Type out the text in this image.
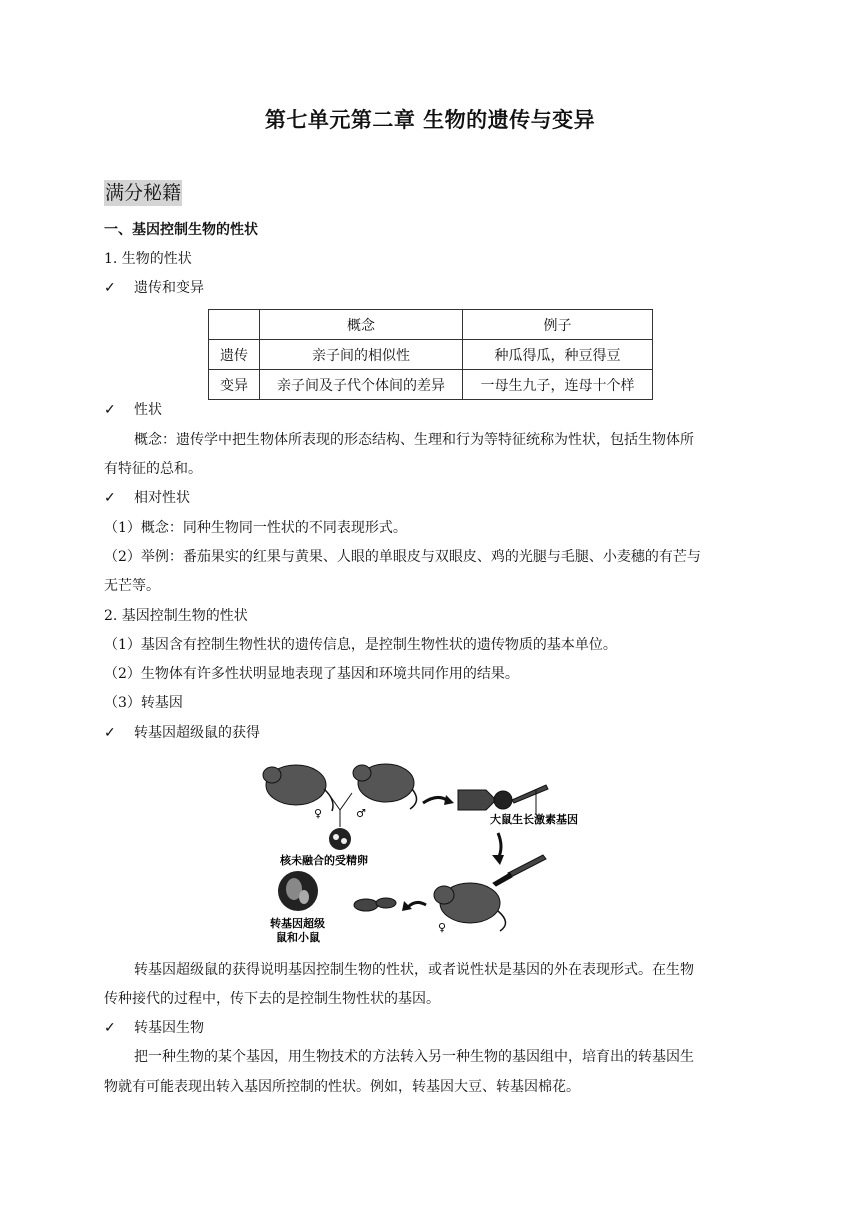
第七单元第二章 生物的遗传与变异
满分秘籍
一、基因控制生物的性状
1. 生物的性状
✓ 遗传和变异
	概念	例子
遗传	亲子间的相似性	种瓜得瓜，种豆得豆
变异	亲子间及子代个体间的差异	一母生九子，连母十个样
✓ 性状
概念：遗传学中把生物体所表现的形态结构、生理和行为等特征统称为性状，包括生物体所
有特征的总和。
✓ 相对性状
（1）概念：同种生物同一性状的不同表现形式。
（2）举例：番茄果实的红果与黄果、人眼的单眼皮与双眼皮、鸡的光腿与毛腿、小麦穗的有芒与
无芒等。
2. 基因控制生物的性状
（1）基因含有控制生物性状的遗传信息，是控制生物性状的遗传物质的基本单位。
（2）生物体有许多性状明显地表现了基因和环境共同作用的结果。
（3）转基因
✓ 转基因超级鼠的获得
♀	♂
核未融合的受精卵
大鼠生长激素基因
♀
转基因超级
鼠和小鼠
转基因超级鼠的获得说明基因控制生物的性状，或者说性状是基因的外在表现形式。在生物
传种接代的过程中，传下去的是控制生物性状的基因。
✓ 转基因生物
把一种生物的某个基因，用生物技术的方法转入另一种生物的基因组中，培育出的转基因生
物就有可能表现出转入基因所控制的性状。例如，转基因大豆、转基因棉花。
